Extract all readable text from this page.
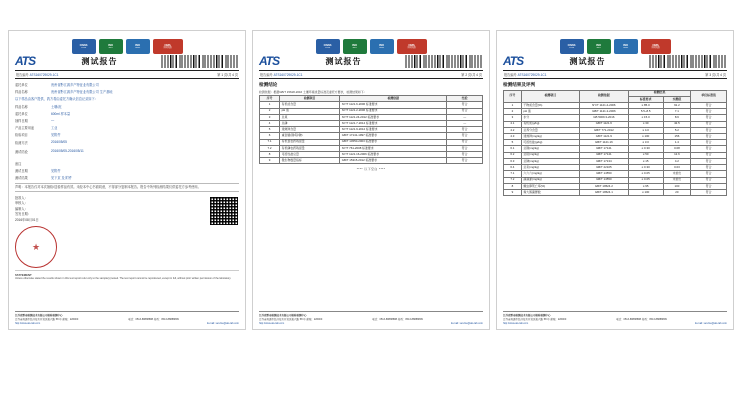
CNAS
L1234
ISO
9001
ISO
14001
CMA
检验检测
ATS	测试报告
报告编号 ATS160729029-1C1	第 1 页/共 4 页
委托单位	贵州省黔江源乡产特征业有限公司
样品名称	贵州省黔江源乡产特征业有限公司 生产基地
以下样品由客户提供，我方将由委托方确认信息记录如下：
样品名称	土壤/泥
委托单位	600ml 样本量
抽样日期	—
产品主要用途	工业
检验项目	见附件
检测方法	2016/05/05
测试结论	2016/05/05-2016/05/11
备注
测试日期	见附件
测试结果	见下页 及 附件
声明：本报告仅对本次抽检/送检样品有效。未经本中心书面同意，不得部分复制本报告。报告中所列检测结果仅供委托方参考使用。
批准人：
审核人：
编制人：
签发日期：
2016年08月01日
★
STATEMENT
Unless otherwise stated the results shown in this test report refer only to the sample(s) tested. The test report cannot be reproduced, except in full, without prior written permission of the laboratory.
江苏省黔南检测技术有限公司检验检测中心
江苏省南通市经济技术开发区振兴路 58 号 邮编：226000	电话：0513-88888888 传真：0513-88888899
http://www.ats-lab.com	E-mail: service@ats-lab.com
CNAS
L1234
ISO
9001
ISO
14001
CMA
检验检测
ATS	测试报告
报告编号 ATS160729029-1C1	第 2 页/共 4 页
检测结论
检测依据：根据GB/T 15618-2016 土壤环境质量标准及委托方要求，检测结果如下：
序号	检测项目	检测依据	结论
1	有机质含量	NY/T 1121.6-2006 标准要求	符合
2	pH 值	NY/T 1121.2-2006 标准要求	符合
3	总氮	NY/T 1121.24-2012 标准要求	—
4	总磷	NY/T 1121.7-2014 标准要求	—
5	速效钾含量	NY/T 1121.9-2012 标准要求	符合
6	重金属(镉/铅/砷)	GB/T 17141-1997 标准要求	符合
7.1	有机氯农药残留量	GB/T 14550-2003 标准要求	符合
7.2	有机磷农药残留量	NY/T 761-2008 标准要求	符合
8	可溶性盐总量	NY/T 1121.16-2006 标准要求	符合
9	微生物数量指标	GB/T 15315-2012 标准要求	符合
**** 以下空白 ****
江苏省黔南检测技术有限公司检验检测中心
江苏省南通市经济技术开发区振兴路 58 号 邮编：226000	电话：0513-88888888 传真：0513-88888899
http://www.ats-lab.com	E-mail: service@ats-lab.com
CNAS
L1234
ISO
9001
ISO
14001
CMA
检验检测
ATS	测试报告
报告编号 ATS160729029-1C1	第 3 页/共 4 页
检测结果及评判
序号	检测项目	检测依据	检测结果		单位标准值
			标准要求	实测值	
1	干物质含量(%)	NY/T 1121.4-2006	≥ 85.0	91.2	符合
2	pH 值	GB/T 1121.2-2006	5.5~8.5	7.1	符合
3	水分	GB 5009.3-2016	≤ 15.0	8.6	符合
4.1	有机质(g/kg)	GB/T 1121.6	≥ 30	42.5	符合
4.2	总养分含量	GB/T 771-2012	≥ 4.0	5.2	符合
4.3	速效钾(mg/kg)	GB/T 1121.9	≥ 100	156	符合
5	可溶性盐(g/kg)	GB/T 1121.16	≤ 3.0	1.4	符合
6.1	总镉(mg/kg)	GB/T 17141	≤ 0.30	0.08	符合
6.2	总铅(mg/kg)	GB/T 17141	≤ 50	12.6	符合
6.3	总砷(mg/kg)	GB/T 17134	≤ 15	4.2	符合
6.4	总汞(mg/kg)	GB/T 22105	≤ 0.30	0.03	符合
7.1	六六六(mg/kg)	GB/T 14550	≤ 0.05	未检出	符合
7.2	滴滴涕(mg/kg)	GB/T 14550	≤ 0.05	未检出	符合
8	蛔虫卵死亡率(%)	GB/T 19524.2	≥ 95	100	符合
9	粪大肠菌群数	GB/T 19524.1	≤ 100	20	符合
江苏省黔南检测技术有限公司检验检测中心
江苏省南通市经济技术开发区振兴路 58 号 邮编：226000	电话：0513-88888888 传真：0513-88888899
http://www.ats-lab.com	E-mail: service@ats-lab.com
